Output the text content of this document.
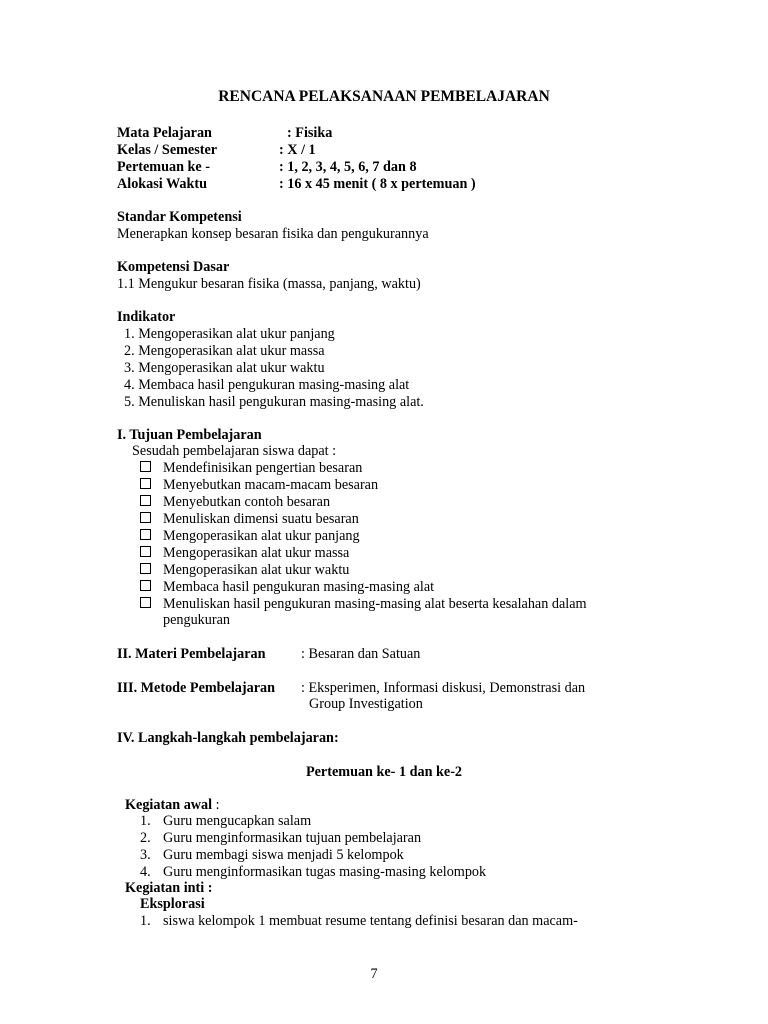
RENCANA PELAKSANAAN PEMBELAJARAN
Mata Pelajaran	: Fisika
Kelas / Semester	: X / 1
Pertemuan ke -	: 1, 2, 3, 4, 5, 6, 7 dan 8
Alokasi Waktu	: 16 x 45 menit ( 8 x pertemuan )
Standar Kompetensi
Menerapkan konsep besaran fisika dan pengukurannya
Kompetensi Dasar
1.1 Mengukur besaran fisika (massa, panjang, waktu)
Indikator
1. Mengoperasikan alat ukur panjang
2. Mengoperasikan alat ukur massa
3. Mengoperasikan alat ukur waktu
4. Membaca hasil pengukuran masing-masing alat
5. Menuliskan hasil pengukuran masing-masing alat.
I. Tujuan Pembelajaran
Sesudah pembelajaran siswa dapat :
Mendefinisikan pengertian besaran
Menyebutkan macam-macam besaran
Menyebutkan contoh besaran
Menuliskan dimensi suatu besaran
Mengoperasikan alat ukur panjang
Mengoperasikan alat ukur massa
Mengoperasikan alat ukur waktu
Membaca hasil pengukuran masing-masing alat
Menuliskan hasil pengukuran masing-masing alat beserta kesalahan dalam
pengukuran
II. Materi Pembelajaran : Besaran dan Satuan
III. Metode Pembelajaran : Eksperimen, Informasi diskusi, Demonstrasi dan
Group Investigation
IV. Langkah-langkah pembelajaran:
Pertemuan ke- 1 dan ke-2
Kegiatan awal :
1. Guru mengucapkan salam
2. Guru menginformasikan tujuan pembelajaran
3. Guru membagi siswa menjadi 5 kelompok
4. Guru menginformasikan tugas masing-masing kelompok
Kegiatan inti :
Eksplorasi
1. siswa kelompok 1 membuat resume tentang definisi besaran dan macam-
7
